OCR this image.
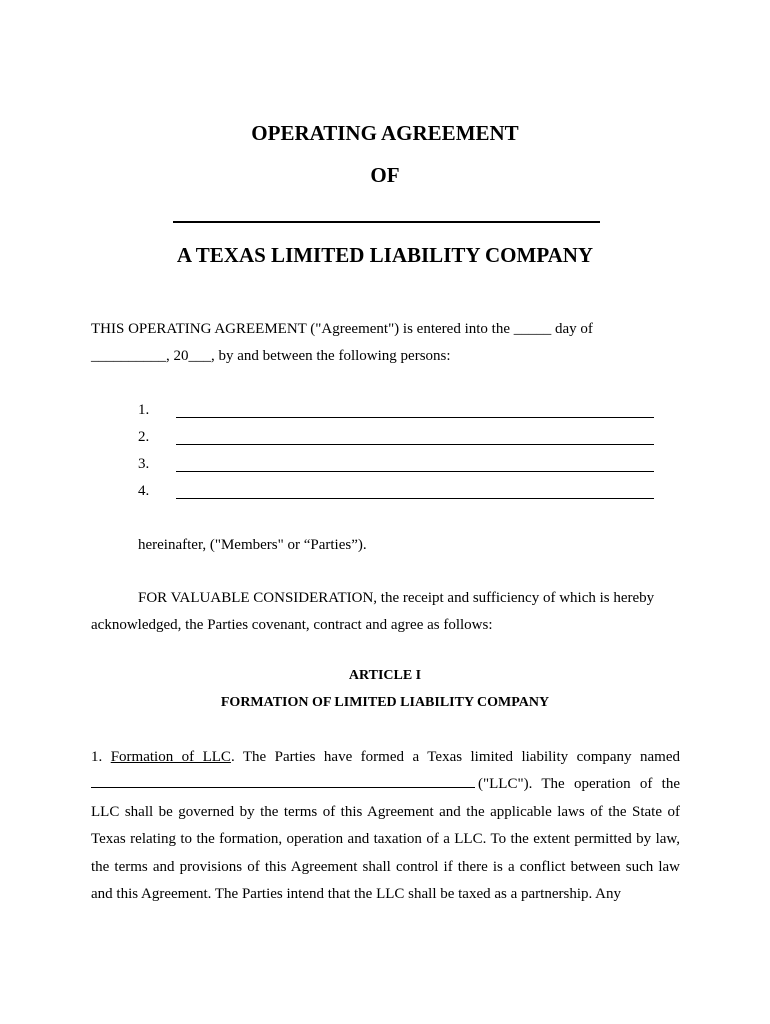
OPERATING AGREEMENT
OF
A TEXAS LIMITED LIABILITY COMPANY

THIS OPERATING AGREEMENT ("Agreement") is entered into the _____ day of
__________, 20___, by and between the following persons:

1.
2.
3.
4.

hereinafter, ("Members" or “Parties”).

FOR VALUABLE CONSIDERATION, the receipt and sufficiency of which is hereby acknowledged, the Parties covenant, contract and agree as follows:

ARTICLE I
FORMATION OF LIMITED LIABILITY COMPANY

1. Formation of LLC. The Parties have formed a Texas limited liability company named ("LLC"). The operation of the LLC shall be governed by the terms of this Agreement and the applicable laws of the State of Texas relating to the formation, operation and taxation of a LLC. To the extent permitted by law, the terms and provisions of this Agreement shall control if there is a conflict between such law and this Agreement. The Parties intend that the LLC shall be taxed as a partnership. Any
